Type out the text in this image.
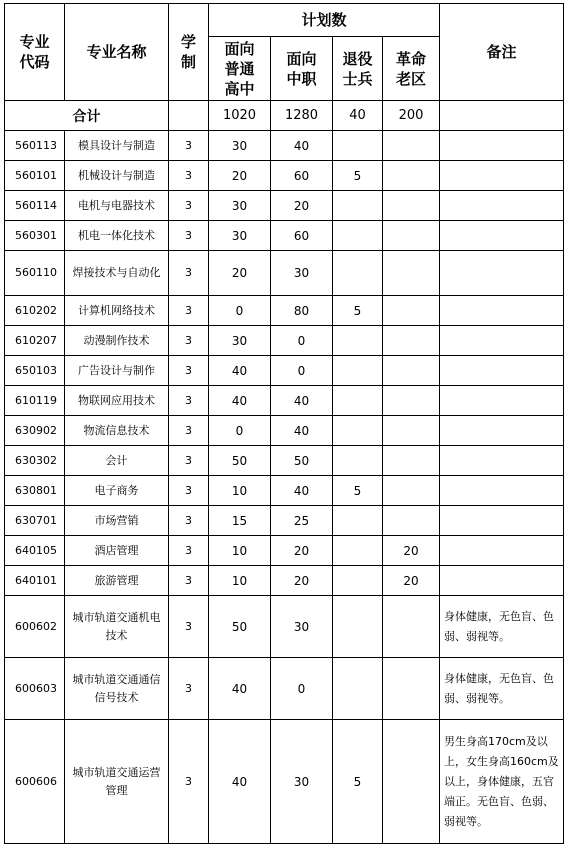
专业代码	专业名称	学制	计划数				备注
			面向普通高中	面向中职	退役士兵	革命老区	
合计			1020	1280	40	200	
560113	模具设计与制造	3	30	40			
560101	机械设计与制造	3	20	60	5		
560114	电机与电器技术	3	30	20			
560301	机电一体化技术	3	30	60			
560110	焊接技术与自动化	3	20	30			
610202	计算机网络技术	3	0	80	5		
610207	动漫制作技术	3	30	0			
650103	广告设计与制作	3	40	0			
610119	物联网应用技术	3	40	40			
630902	物流信息技术	3	0	40			
630302	会计	3	50	50			
630801	电子商务	3	10	40	5		
630701	市场营销	3	15	25			
640105	酒店管理	3	10	20		20	
640101	旅游管理	3	10	20		20	
600602	城市轨道交通机电技术	3	50	30			身体健康，无色盲、色弱、弱视等。
600603	城市轨道交通通信信号技术	3	40	0			身体健康，无色盲、色弱、弱视等。
600606	城市轨道交通运营管理	3	40	30	5		男生身高170cm及以上，女生身高160cm及以上，身体健康，五官端正。无色盲、色弱、弱视等。
